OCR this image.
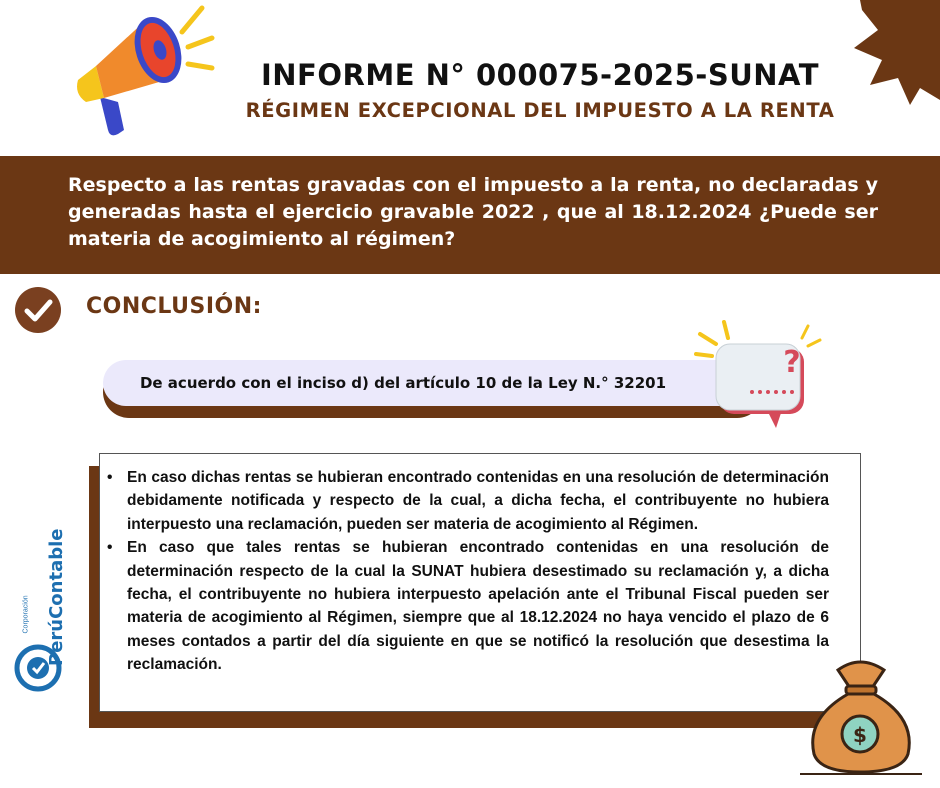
INFORME N° 000075-2025-SUNAT
RÉGIMEN EXCEPCIONAL DEL IMPUESTO A LA RENTA
Respecto a las rentas gravadas con el impuesto a la renta, no declaradas y generadas hasta el ejercicio gravable 2022 , que al 18.12.2024 ¿Puede ser materia de acogimiento al régimen?
CONCLUSIÓN:
De acuerdo con el inciso d) del artículo 10 de la Ley N.° 32201
?
• En caso dichas rentas se hubieran encontrado contenidas en una resolución de determinación debidamente notificada y respecto de la cual, a dicha fecha, el contribuyente no hubiera interpuesto una reclamación, pueden ser materia de acogimiento al Régimen.
• En caso que tales rentas se hubieran encontrado contenidas en una resolución de determinación respecto de la cual la SUNAT hubiera desestimado su reclamación y, a dicha fecha, el contribuyente no hubiera interpuesto apelación ante el Tribunal Fiscal pueden ser materia de acogimiento al Régimen, siempre que al 18.12.2024 no haya vencido el plazo de 6 meses contados a partir del día siguiente en que se notificó la resolución que desestima la reclamación.
PerúContable
Corporación
$
